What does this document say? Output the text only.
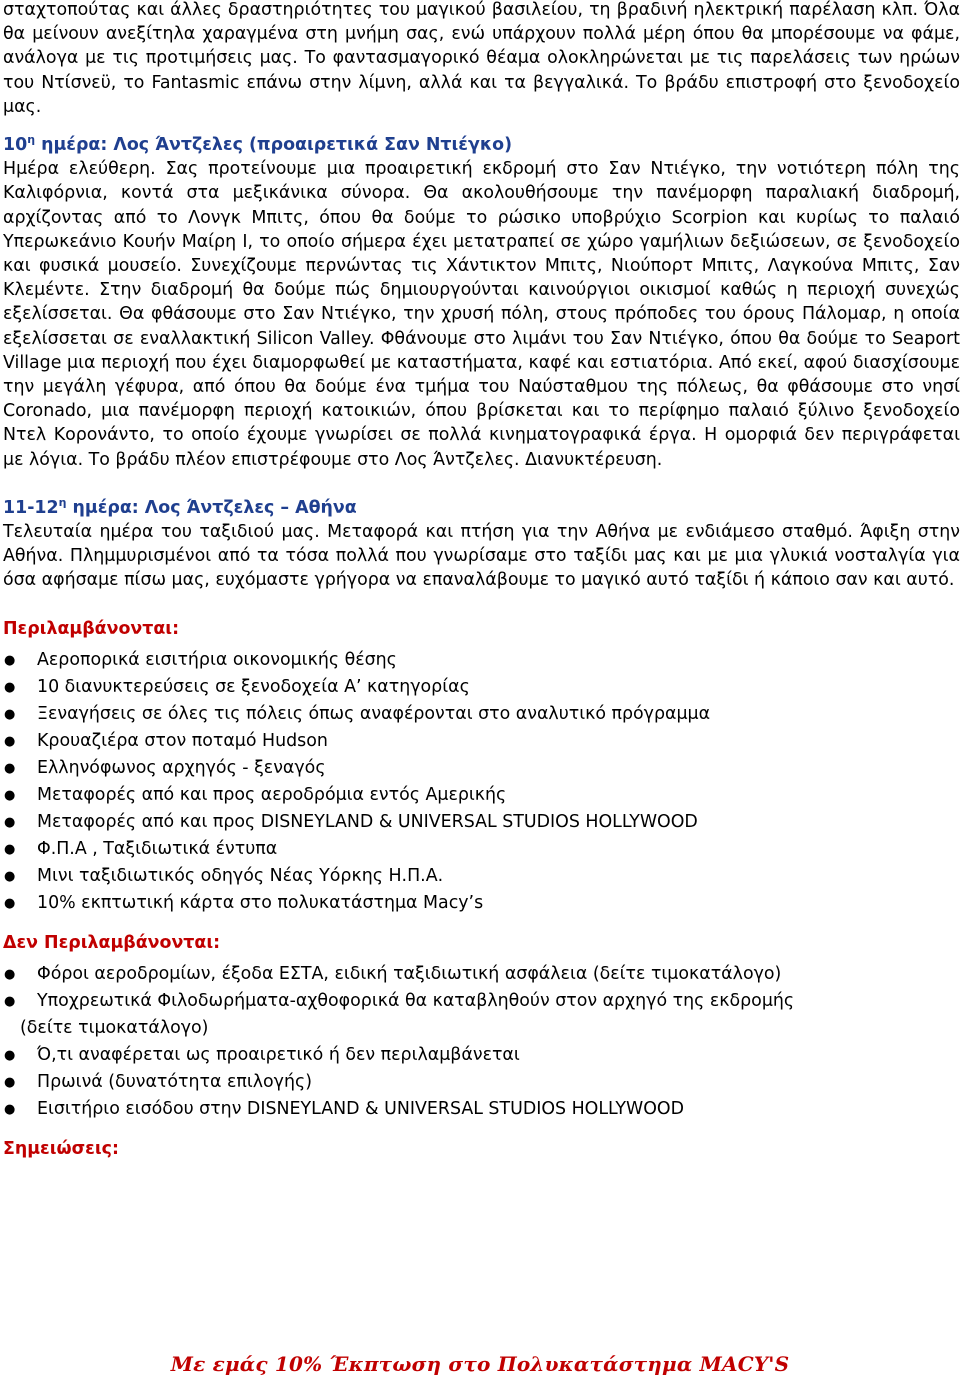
σταχτοπούτας και άλλες δραστηριότητες του μαγικού βασιλείου, τη βραδινή ηλεκτρική παρέλαση κλπ. Όλα θα μείνουν ανεξίτηλα χαραγμένα στη μνήμη σας, ενώ υπάρχουν πολλά μέρη όπου θα μπορέσουμε να φάμε, ανάλογα με τις προτιμήσεις μας. Το φαντασμαγορικό θέαμα ολοκληρώνεται με τις παρελάσεις των ηρώων του Ντίσνεϋ, το Fantasmic επάνω στην λίμνη, αλλά και τα βεγγαλικά. Το βράδυ επιστροφή στο ξενοδοχείο μας.

$10^\eta$ ημέρα: Λος Άντζελες (προαιρετικά Σαν Ντιέγκο)

Ημέρα ελεύθερη. Σας προτείνουμε μια προαιρετική εκδρομή στο Σαν Ντιέγκο, την νοτιότερη πόλη της Καλιφόρνια, κοντά στα μεξικάνικα σύνορα. Θα ακολουθήσουμε την πανέμορφη παραλιακή διαδρομή, αρχίζοντας από το Λονγκ Μπιτς, όπου θα δούμε το ρώσικο υποβρύχιο Scorpion και κυρίως το παλαιό Υπερωκεάνιο Κουήν Μαίρη Ι, το οποίο σήμερα έχει μετατραπεί σε χώρο γαμήλιων δεξιώσεων, σε ξενοδοχείο και φυσικά μουσείο. Συνεχίζουμε περνώντας τις Χάντικτον Μπιτς, Νιούπορτ Μπιτς, Λαγκούνα Μπιτς, Σαν Κλεμέντε. Στην διαδρομή θα δούμε πώς δημιουργούνται καινούργιοι οικισμοί καθώς η περιοχή συνεχώς εξελίσσεται. Θα φθάσουμε στο Σαν Ντιέγκο, την χρυσή πόλη, στους πρόποδες του όρους Πάλομαρ, η οποία εξελίσσεται σε εναλλακτική Silicon Valley. Φθάνουμε στο λιμάνι του Σαν Ντιέγκο, όπου θα δούμε το Seaport Village μια περιοχή που έχει διαμορφωθεί με καταστήματα, καφέ και εστιατόρια. Από εκεί, αφού διασχίσουμε την μεγάλη γέφυρα, από όπου θα δούμε ένα τμήμα του Ναύσταθμου της πόλεως, θα φθάσουμε στο νησί Coronado, μια πανέμορφη περιοχή κατοικιών, όπου βρίσκεται και το περίφημο παλαιό ξύλινο ξενοδοχείο Ντελ Κορονάντο, το οποίο έχουμε γνωρίσει σε πολλά κινηματογραφικά έργα. Η ομορφιά δεν περιγράφεται με λόγια. Το βράδυ πλέον επιστρέφουμε στο Λος Άντζελες. Διανυκτέρευση.

$11-12^\eta$ ημέρα: Λος Άντζελες – Αθήνα

Τελευταία ημέρα του ταξιδιού μας. Μεταφορά και πτήση για την Αθήνα με ενδιάμεσο σταθμό. Άφιξη στην Αθήνα. Πλημμυρισμένοι από τα τόσα πολλά που γνωρίσαμε στο ταξίδι μας και με μια γλυκιά νοσταλγία για όσα αφήσαμε πίσω μας, ευχόμαστε γρήγορα να επαναλάβουμε το μαγικό αυτό ταξίδι ή κάποιο σαν και αυτό.

Περιλαμβάνονται:

● Αεροπορικά εισιτήρια οικονομικής θέσης
● 10 διανυκτερεύσεις σε ξενοδοχεία Α’ κατηγορίας
● Ξεναγήσεις σε όλες τις πόλεις όπως αναφέρονται στο αναλυτικό πρόγραμμα
● Κρουαζιέρα στον ποταμό Hudson
● Ελληνόφωνος αρχηγός - ξεναγός
● Μεταφορές από και προς αεροδρόμια εντός Αμερικής
● Μεταφορές από και προς DISNEYLAND & UNIVERSAL STUDIOS HOLLYWOOD
● Φ.Π.Α , Ταξιδιωτικά έντυπα
● Μινι ταξιδιωτικός οδηγός Νέας Υόρκης Η.Π.Α.
● 10% εκπτωτική κάρτα στο πολυκατάστημα Macy’s

Δεν Περιλαμβάνονται:

● Φόροι αεροδρομίων, έξοδα ΕΣΤΑ, ειδική ταξιδιωτική ασφάλεια (δείτε τιμοκατάλογο)
● Υποχρεωτικά Φιλοδωρήματα-αχθοφορικά θα καταβληθούν στον αρχηγό της εκδρομής
(δείτε τιμοκατάλογο)
● Ό,τι αναφέρεται ως προαιρετικό ή δεν περιλαμβάνεται
● Πρωινά (δυνατότητα επιλογής)
● Εισιτήριο εισόδου στην DISNEYLAND & UNIVERSAL STUDIOS HOLLYWOOD

Σημειώσεις:

Με εμάς 10% Έκπτωση στο Πολυκατάστημα MACY'S
